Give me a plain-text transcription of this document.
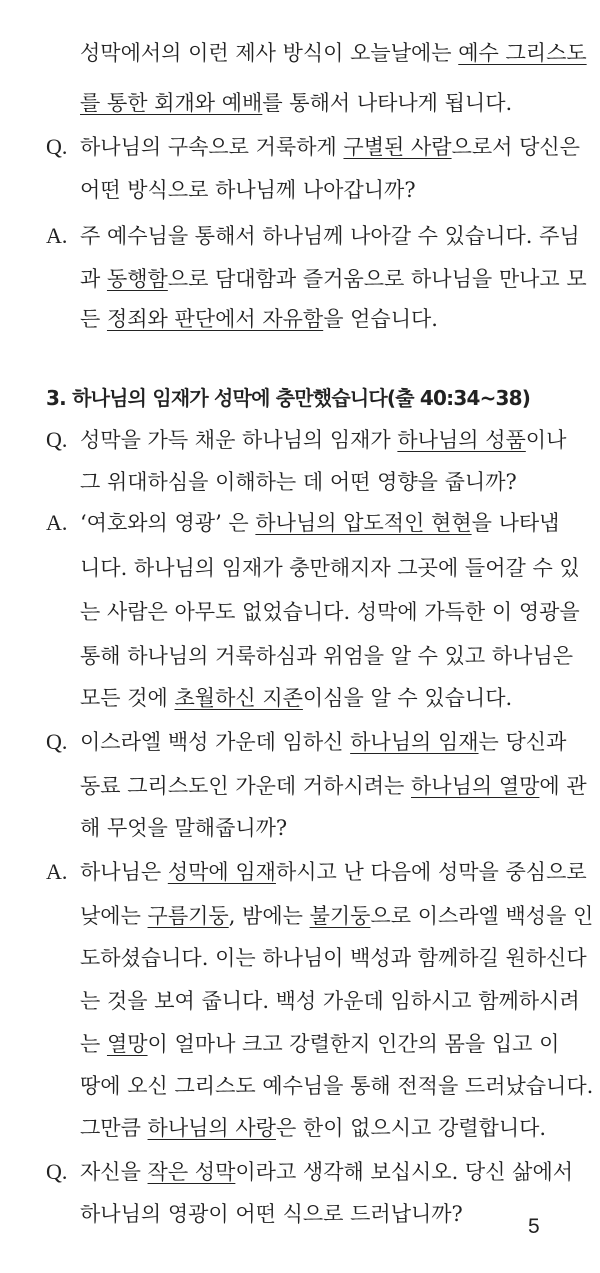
성막에서의 이런 제사 방식이 오늘날에는 예수 그리스도
를 통한 회개와 예배를 통해서 나타나게 됩니다.
Q. 하나님의 구속으로 거룩하게 구별된 사람으로서 당신은
어떤 방식으로 하나님께 나아갑니까?
A. 주 예수님을 통해서 하나님께 나아갈 수 있습니다. 주님
과 동행함으로 담대함과 즐거움으로 하나님을 만나고 모
든 정죄와 판단에서 자유함을 얻습니다.
3. 하나님의 임재가 성막에 충만했습니다(출 40:34~38)
Q. 성막을 가득 채운 하나님의 임재가 하나님의 성품이나
그 위대하심을 이해하는 데 어떤 영향을 줍니까?
A. ‘여호와의 영광’ 은 하나님의 압도적인 현현을 나타냅
니다. 하나님의 임재가 충만해지자 그곳에 들어갈 수 있
는 사람은 아무도 없었습니다. 성막에 가득한 이 영광을
통해 하나님의 거룩하심과 위엄을 알 수 있고 하나님은
모든 것에 초월하신 지존이심을 알 수 있습니다.
Q. 이스라엘 백성 가운데 임하신 하나님의 임재는 당신과
동료 그리스도인 가운데 거하시려는 하나님의 열망에 관
해 무엇을 말해줍니까?
A. 하나님은 성막에 임재하시고 난 다음에 성막을 중심으로
낮에는 구름기둥, 밤에는 불기둥으로 이스라엘 백성을 인
도하셨습니다. 이는 하나님이 백성과 함께하길 원하신다
는 것을 보여 줍니다. 백성 가운데 임하시고 함께하시려
는 열망이 얼마나 크고 강렬한지 인간의 몸을 입고 이
땅에 오신 그리스도 예수님을 통해 전적을 드러났습니다.
그만큼 하나님의 사랑은 한이 없으시고 강렬합니다.
Q. 자신을 작은 성막이라고 생각해 보십시오. 당신 삶에서
하나님의 영광이 어떤 식으로 드러납니까?
5
